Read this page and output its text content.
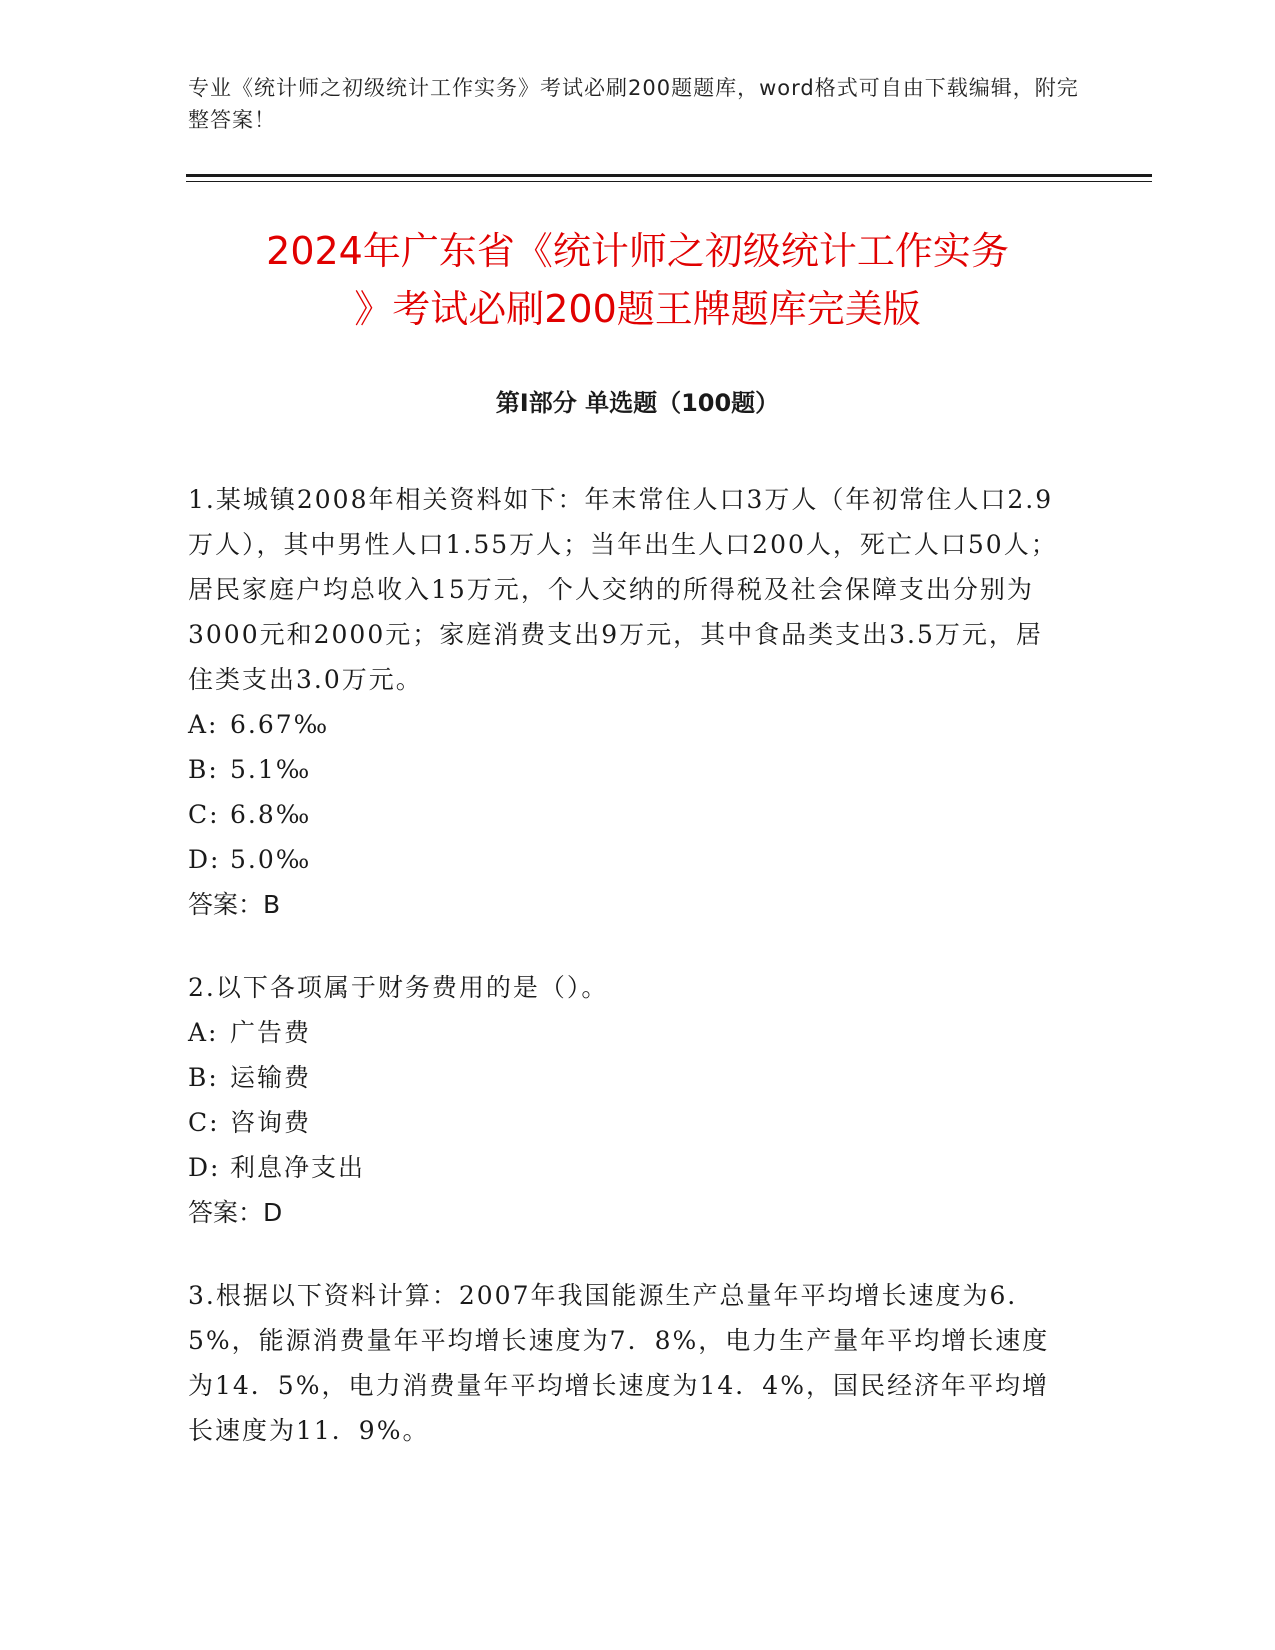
专业《统计师之初级统计工作实务》考试必刷200题题库，word格式可自由下载编辑，附完整答案！
2024年广东省《统计师之初级统计工作实务
》考试必刷200题王牌题库完美版
第Ⅰ部分 单选题（100题）
1.某城镇2008年相关资料如下：年末常住人口3万人（年初常住人口2.9万人），其中男性人口1.55万人；当年出生人口200人，死亡人口50人；居民家庭户均总收入15万元，个人交纳的所得税及社会保障支出分别为3000元和2000元；家庭消费支出9万元，其中食品类支出3.5万元，居住类支出3.0万元。
A: 6.67‰
B: 5.1‰
C: 6.8‰
D: 5.0‰
答案：B
2.以下各项属于财务费用的是（）。
A: 广告费
B: 运输费
C: 咨询费
D: 利息净支出
答案：D
3.根据以下资料计算：2007年我国能源生产总量年平均增长速度为6．5%，能源消费量年平均增长速度为7．8%，电力生产量年平均增长速度为14．5%，电力消费量年平均增长速度为14．4%，国民经济年平均增长速度为11．9%。
